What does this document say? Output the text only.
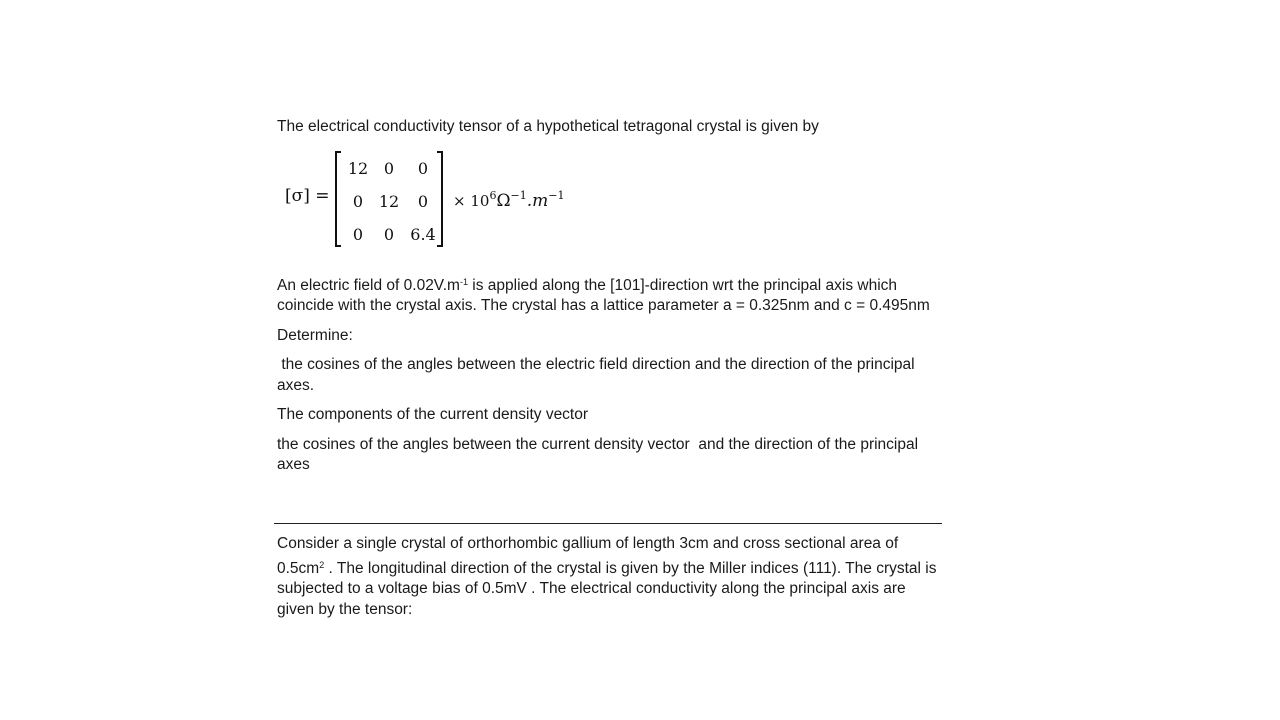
The electrical conductivity tensor of a hypothetical tetragonal crystal is given by

[σ] =
12 0	0
0 12	0
0	0	6.4
× $10^6\Omega^{-1}.m^{-1}$

An electric field of $0.02V.m^{-1}$ is applied along the [101]-direction wrt the principal axis which coincide with the crystal axis. The crystal has a lattice parameter a = 0.325nm and c = 0.495nm

Determine:

the cosines of the angles between the electric field direction and the direction of the principal axes.

The components of the current density vector

the cosines of the angles between the current density vector  and the direction of the principal axes

Consider a single crystal of orthorhombic gallium of length 3cm and cross sectional area of $0.5cm^2$ . The longitudinal direction of the crystal is given by the Miller indices (111). The crystal is subjected to a voltage bias of 0.5mV . The electrical conductivity along the principal axis are given by the tensor:
